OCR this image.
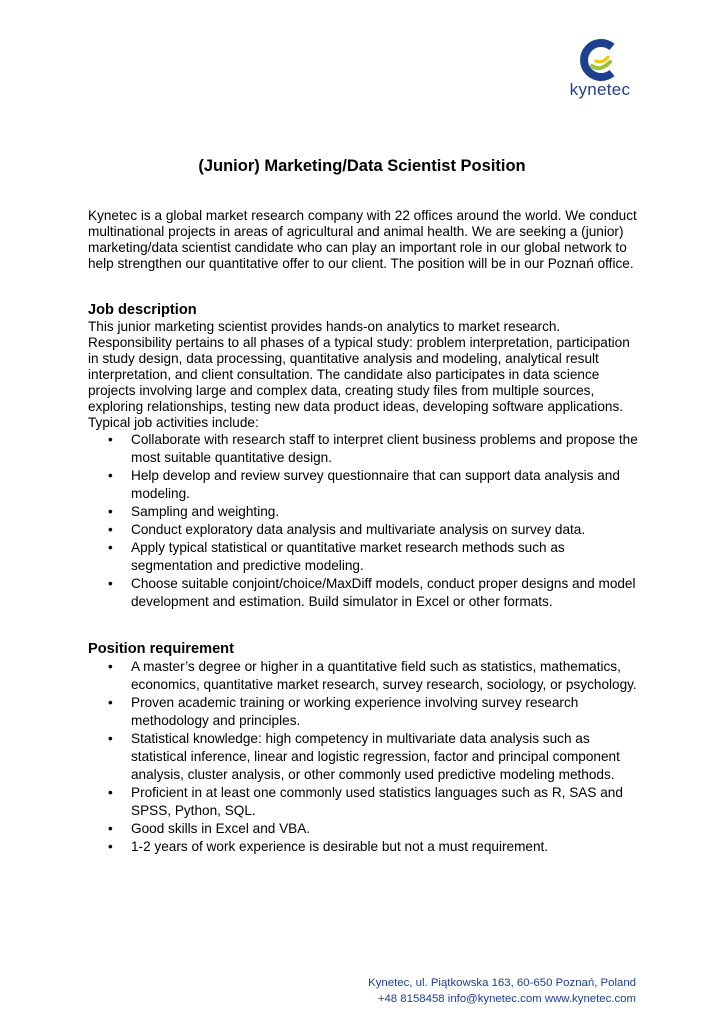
kynetec
(Junior) Marketing/Data Scientist Position

Kynetec is a global market research company with 22 offices around the world. We conduct multinational projects in areas of agricultural and animal health. We are seeking a (junior) marketing/data scientist candidate who can play an important role in our global network to help strengthen our quantitative offer to our client. The position will be in our Poznań office.

Job description

This junior marketing scientist provides hands-on analytics to market research. Responsibility pertains to all phases of a typical study: problem interpretation, participation in study design, data processing, quantitative analysis and modeling, analytical result interpretation, and client consultation. The candidate also participates in data science projects involving large and complex data, creating study files from multiple sources, exploring relationships, testing new data product ideas, developing software applications. Typical job activities include:

• Collaborate with research staff to interpret client business problems and propose the most suitable quantitative design.
• Help develop and review survey questionnaire that can support data analysis and modeling.
• Sampling and weighting.
• Conduct exploratory data analysis and multivariate analysis on survey data.
• Apply typical statistical or quantitative market research methods such as segmentation and predictive modeling.
• Choose suitable conjoint/choice/MaxDiff models, conduct proper designs and model development and estimation. Build simulator in Excel or other formats.
Position requirement
• A master’s degree or higher in a quantitative field such as statistics, mathematics, economics, quantitative market research, survey research, sociology, or psychology.
• Proven academic training or working experience involving survey research methodology and principles.
• Statistical knowledge: high competency in multivariate data analysis such as statistical inference, linear and logistic regression, factor and principal component analysis, cluster analysis, or other commonly used predictive modeling methods.
• Proficient in at least one commonly used statistics languages such as R, SAS and SPSS, Python, SQL.
• Good skills in Excel and VBA.
• 1-2 years of work experience is desirable but not a must requirement.
Kynetec, ul. Piątkowska 163, 60-650 Poznań, Poland
+48 8158458 info@kynetec.com www.kynetec.com
